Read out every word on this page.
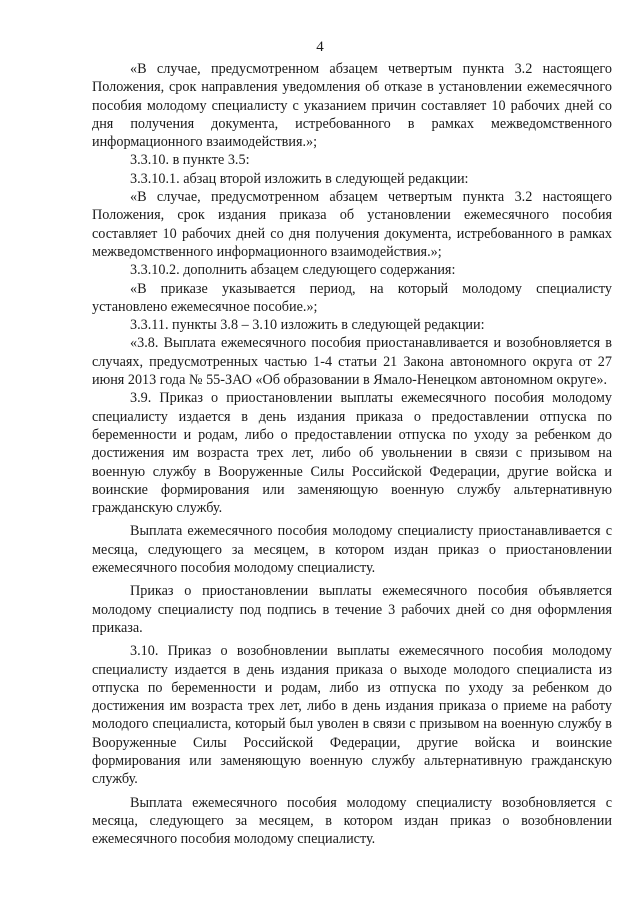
4

«В случае, предусмотренном абзацем четвертым пункта 3.2 настоящего Положения, срок направления уведомления об отказе в установлении ежемесячного пособия молодому специалисту с указанием причин составляет 10 рабочих дней со дня получения документа, истребованного в рамках межведомственного информационного взаимодействия.»;

3.3.10. в пункте 3.5:

3.3.10.1. абзац второй изложить в следующей редакции:

«В случае, предусмотренном абзацем четвертым пункта 3.2 настоящего Положения, срок издания приказа об установлении ежемесячного пособия составляет 10 рабочих дней со дня получения документа, истребованного в рамках межведомственного информационного взаимодействия.»;

3.3.10.2. дополнить абзацем следующего содержания:

«В приказе указывается период, на который молодому специалисту установлено ежемесячное пособие.»;

3.3.11. пункты 3.8 – 3.10 изложить в следующей редакции:

«3.8. Выплата ежемесячного пособия приостанавливается и возобновляется в случаях, предусмотренных частью 1-4 статьи 21 Закона автономного округа от 27 июня 2013 года № 55-ЗАО «Об образовании в Ямало-Ненецком автономном округе».

3.9. Приказ о приостановлении выплаты ежемесячного пособия молодому специалисту издается в день издания приказа о предоставлении отпуска по беременности и родам, либо о предоставлении отпуска по уходу за ребенком до достижения им возраста трех лет, либо об увольнении в связи с призывом на военную службу в Вооруженные Силы Российской Федерации, другие войска и воинские формирования или заменяющую военную службу альтернативную гражданскую службу.

Выплата ежемесячного пособия молодому специалисту приостанавливается с месяца, следующего за месяцем, в котором издан приказ о приостановлении ежемесячного пособия молодому специалисту.

Приказ о приостановлении выплаты ежемесячного пособия объявляется молодому специалисту под подпись в течение 3 рабочих дней со дня оформления приказа.

3.10. Приказ о возобновлении выплаты ежемесячного пособия молодому специалисту издается в день издания приказа о выходе молодого специалиста из отпуска по беременности и родам, либо из отпуска по уходу за ребенком до достижения им возраста трех лет, либо в день издания приказа о приеме на работу молодого специалиста, который был уволен в связи с призывом на военную службу в Вооруженные Силы Российской Федерации, другие войска и воинские формирования или заменяющую военную службу альтернативную гражданскую службу.

Выплата ежемесячного пособия молодому специалисту возобновляется с месяца, следующего за месяцем, в котором издан приказ о возобновлении ежемесячного пособия молодому специалисту.
